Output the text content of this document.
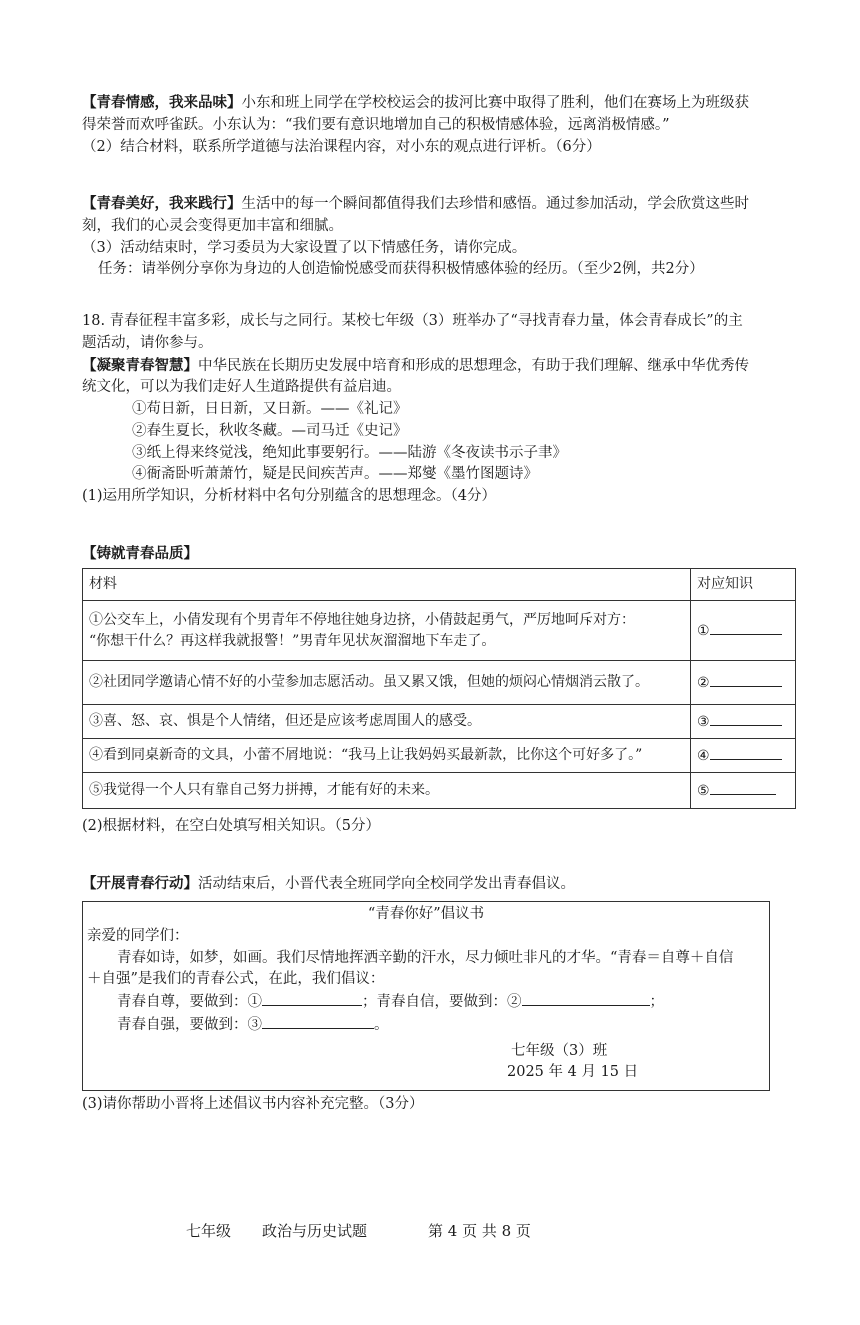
【青春情感，我来品味】小东和班上同学在学校校运会的拔河比赛中取得了胜利，他们在赛场上为班级获
得荣誉而欢呼雀跃。小东认为：“我们要有意识地增加自己的积极情感体验，远离消极情感。”
（2）结合材料，联系所学道德与法治课程内容，对小东的观点进行评析。（6分）
【青春美好，我来践行】生活中的每一个瞬间都值得我们去珍惜和感悟。通过参加活动，学会欣赏这些时
刻，我们的心灵会变得更加丰富和细腻。
（3）活动结束时，学习委员为大家设置了以下情感任务，请你完成。
任务：请举例分享你为身边的人创造愉悦感受而获得积极情感体验的经历。（至少2例，共2分）
18. 青春征程丰富多彩，成长与之同行。某校七年级（3）班举办了“寻找青春力量，体会青春成长”的主
题活动，请你参与。
【凝聚青春智慧】中华民族在长期历史发展中培育和形成的思想理念，有助于我们理解、继承中华优秀传
统文化，可以为我们走好人生道路提供有益启迪。
①苟日新，日日新，又日新。——《礼记》
②春生夏长，秋收冬藏。—司马迁《史记》
③纸上得来终觉浅，绝知此事要躬行。——陆游《冬夜读书示子聿》
④衙斋卧听萧萧竹，疑是民间疾苦声。——郑燮《墨竹图题诗》
(1)运用所学知识，分析材料中名句分别蕴含的思想理念。（4分）
【铸就青春品质】
材料	对应知识

①公交车上，小倩发现有个男青年不停地往她身边挤，小倩鼓起勇气，严厉地呵斥对方：
“你想干什么？再这样我就报警！”男青年见状灰溜溜地下车走了。	①
②社团同学邀请心情不好的小莹参加志愿活动。虽又累又饿，但她的烦闷心情烟消云散了。	②
③喜、怒、哀、惧是个人情绪，但还是应该考虑周围人的感受。	③
④看到同桌新奇的文具，小蕾不屑地说：“我马上让我妈妈买最新款，比你这个可好多了。”	④
⑤我觉得一个人只有靠自己努力拼搏，才能有好的未来。	⑤
(2)根据材料，在空白处填写相关知识。（5分）
【开展青春行动】活动结束后，小晋代表全班同学向全校同学发出青春倡议。
“青春你好”倡议书
亲爱的同学们：
青春如诗，如梦，如画。我们尽情地挥洒辛勤的汗水，尽力倾吐非凡的才华。“青春＝自尊＋自信
＋自强”是我们的青春公式，在此，我们倡议：
青春自尊，要做到：①	；青春自信，要做到：②	；
青春自强，要做到：③	。
七年级（3）班
2025 年 4 月 15 日
(3)请你帮助小晋将上述倡议书内容补充完整。（3分）
七年级 政治与历史试题	第 4 页 共 8 页
